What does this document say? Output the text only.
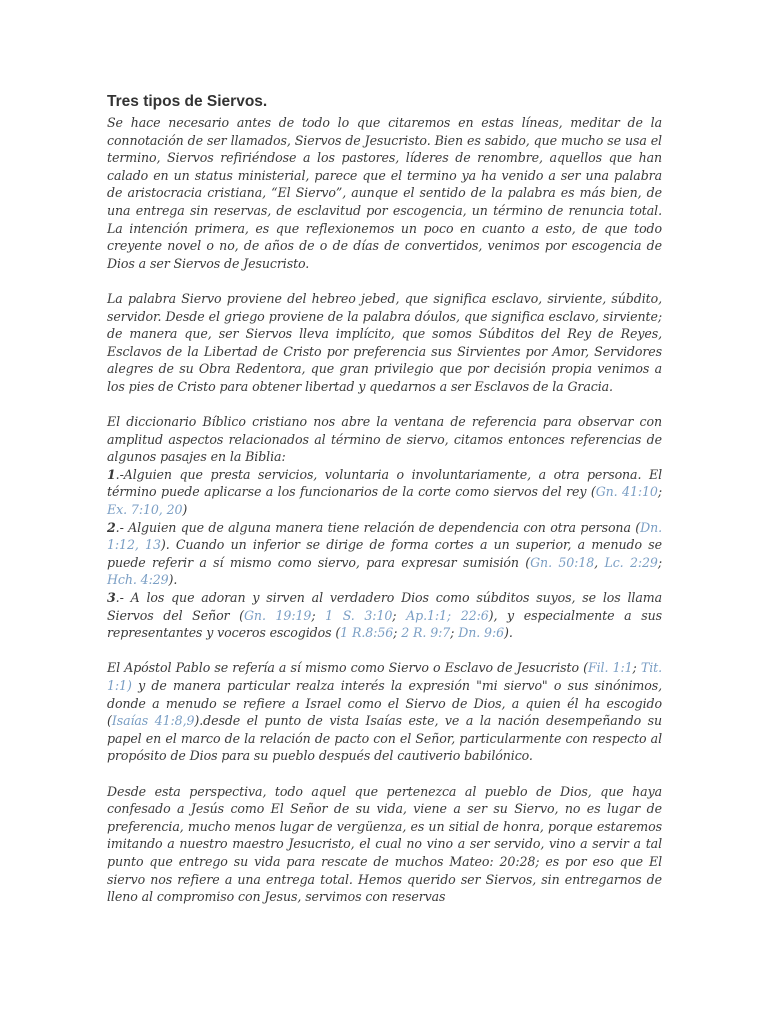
Tres tipos de Siervos.

Se hace necesario antes de todo lo que citaremos en estas líneas, meditar de la connotación de ser llamados, Siervos de Jesucristo. Bien es sabido, que mucho se usa el termino, Siervos refiriéndose a los pastores, líderes de renombre, aquellos que han calado en un status ministerial, parece que el termino ya ha venido a ser una palabra de aristocracia cristiana, “El Siervo”, aunque el sentido de la palabra es más bien, de una entrega sin reservas, de esclavitud por escogencia, un término de renuncia total. La intención primera, es que reflexionemos un poco en cuanto a esto, de que todo creyente novel o no, de años de o de días de convertidos, venimos por escogencia de Dios a ser Siervos de Jesucristo.

La palabra Siervo proviene del hebreo jebed, que significa esclavo, sirviente, súbdito, servidor. Desde el griego proviene de la palabra dóulos, que significa esclavo, sirviente; de manera que, ser Siervos lleva implícito, que somos Súbditos del Rey de Reyes, Esclavos de la Libertad de Cristo por preferencia sus Sirvientes por Amor, Servidores alegres de su Obra Redentora, que gran privilegio que por decisión propia venimos a los pies de Cristo para obtener libertad y quedarnos a ser Esclavos de la Gracia.

El diccionario Bíblico cristiano nos abre la ventana de referencia para observar con amplitud aspectos relacionados al término de siervo, citamos entonces referencias de algunos pasajes en la Biblia:

1.-Alguien que presta servicios, voluntaria o involuntariamente, a otra persona. El término puede aplicarse a los funcionarios de la corte como siervos del rey (Gn. 41:10; Ex. 7:10, 20)

2.- Alguien que de alguna manera tiene relación de dependencia con otra persona (Dn. 1:12, 13). Cuando un inferior se dirige de forma cortes a un superior, a menudo se puede referir a sí mismo como siervo, para expresar sumisión (Gn. 50:18, Lc. 2:29; Hch. 4:29).

3.- A los que adoran y sirven al verdadero Dios como súbditos suyos, se los llama Siervos del Señor (Gn. 19:19; 1 S. 3:10; Ap.1:1; 22:6), y especialmente a sus representantes y voceros escogidos (1 R.8:56; 2 R. 9:7; Dn. 9:6).

El Apóstol Pablo se refería a sí mismo como Siervo o Esclavo de Jesucristo (Fil. 1:1; Tit. 1:1) y de manera particular realza interés la expresión "mi siervo" o sus sinónimos, donde a menudo se refiere a Israel como el Siervo de Dios, a quien él ha escogido (Isaías 41:8,9).desde el punto de vista Isaías este, ve a la nación desempeñando su papel en el marco de la relación de pacto con el Señor, particularmente con respecto al propósito de Dios para su pueblo después del cautiverio babilónico.

Desde esta perspectiva, todo aquel que pertenezca al pueblo de Dios, que haya confesado a Jesús como El Señor de su vida, viene a ser su Siervo, no es lugar de preferencia, mucho menos lugar de vergüenza, es un sitial de honra, porque estaremos imitando a nuestro maestro Jesucristo, el cual no vino a ser servido, vino a servir a tal punto que entrego su vida para rescate de muchos Mateo: 20:28; es por eso que El siervo nos refiere a una entrega total. Hemos querido ser Siervos, sin entregarnos de lleno al compromiso con Jesus, servimos con reservas
